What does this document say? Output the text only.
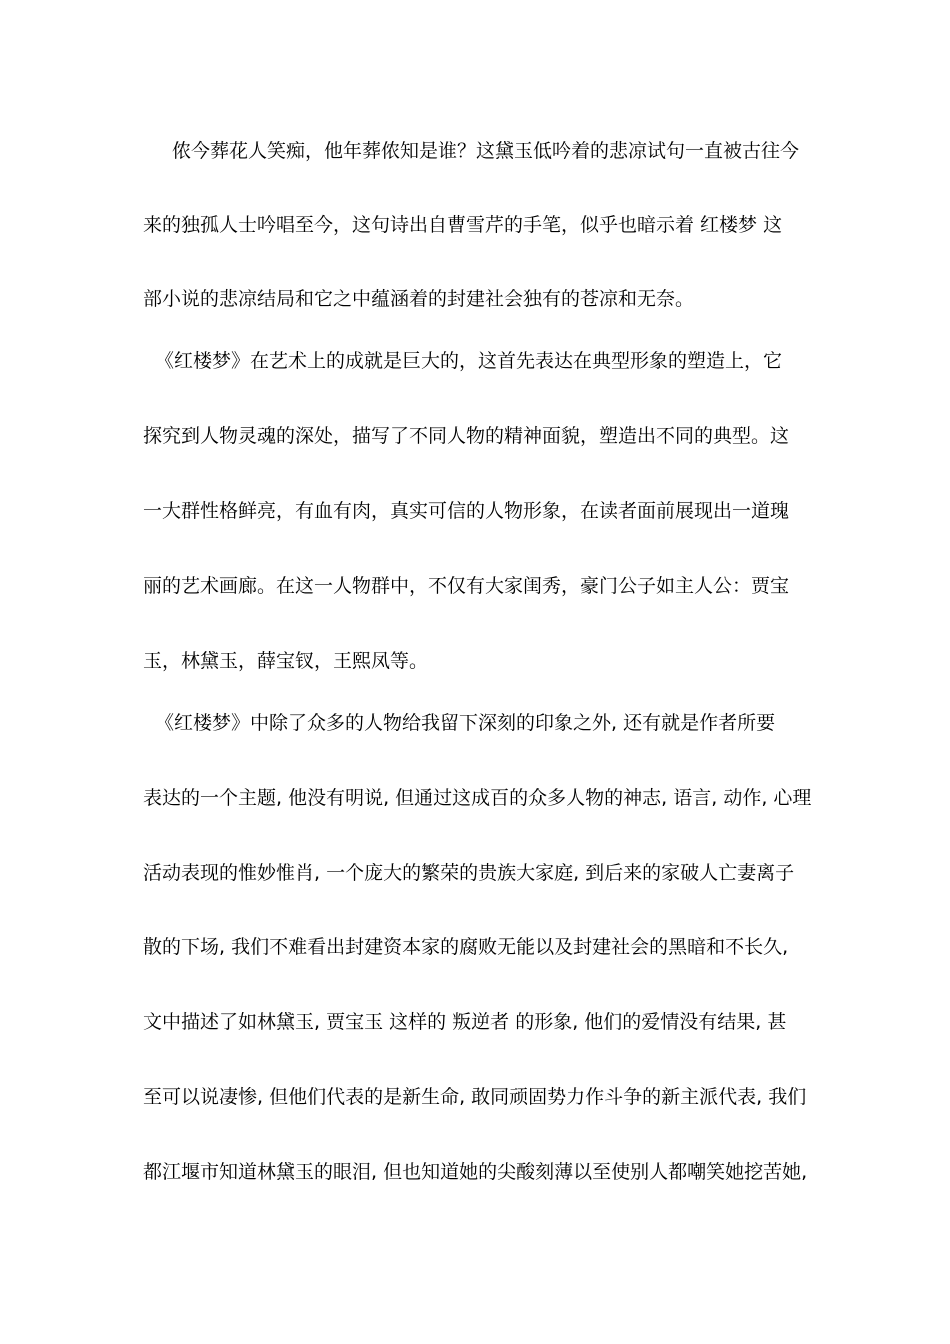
侬今葬花人笑痴，他年葬侬知是谁？这黛玉低吟着的悲凉试句一直被古往今
来的独孤人士吟唱至今，这句诗出自曹雪芹的手笔，似乎也暗示着 红楼梦 这
部小说的悲凉结局和它之中蕴涵着的封建社会独有的苍凉和无奈。
《红楼梦》在艺术上的成就是巨大的，这首先表达在典型形象的塑造上，它
探究到人物灵魂的深处，描写了不同人物的精神面貌，塑造出不同的典型。这
一大群性格鲜亮，有血有肉，真实可信的人物形象，在读者面前展现出一道瑰
丽的艺术画廊。在这一人物群中，不仅有大家闺秀，豪门公子如主人公：贾宝
玉，林黛玉，薛宝钗，王熙凤等。
《红楼梦》中除了众多的人物给我留下深刻的印象之外, 还有就是作者所要
表达的一个主题, 他没有明说, 但通过这成百的众多人物的神志, 语言, 动作, 心理
活动表现的惟妙惟肖, 一个庞大的繁荣的贵族大家庭, 到后来的家破人亡妻离子
散的下场, 我们不难看出封建资本家的腐败无能以及封建社会的黑暗和不长久,
文中描述了如林黛玉, 贾宝玉 这样的 叛逆者 的形象, 他们的爱情没有结果, 甚
至可以说凄惨, 但他们代表的是新生命, 敢同顽固势力作斗争的新主派代表, 我们
都江堰市知道林黛玉的眼泪, 但也知道她的尖酸刻薄以至使别人都嘲笑她挖苦她,
